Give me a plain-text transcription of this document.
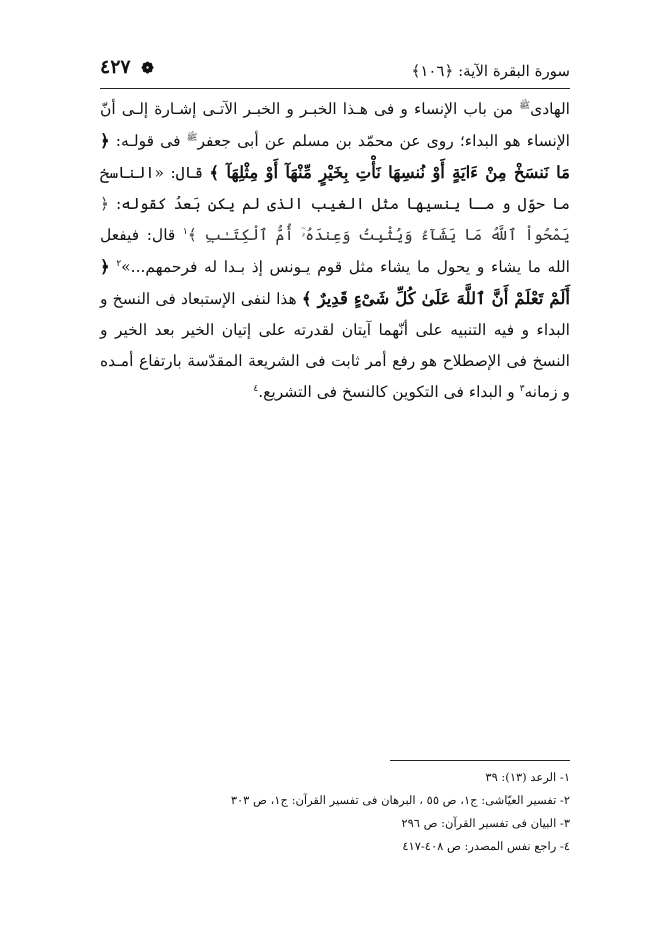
سورة البقرة الآية: ﴿١٠٦﴾
❁ ٤٢٧
الهادی$^ﷺ$ من باب الإنساء و فی هـذا الخبـر و الخبـر الآتـی إشـارة إلـی أنّ الإنساء هو البداء؛ روی عن محمّد بن مسلم عن أبی جعفر$^ﷺ$ فی قولـه: ﴿ مَا نَنسَخْ مِنْ ءَايَةٍ أَوْ نُنسِهَا نَأْتِ بِخَيْرٍ مِّنْهَآ أَوْ مِثْلِهَآ ﴾ قال: «الناسخ ما حوّل و مـا ینسیها مثل الغیب الذی لم یکن بَعدُ کقوله: ﴿ يَمْحُواْ ٱللَّهُ مَا يَشَآءُ وَيُثْبِتُ وَعِندَهُۥٓ أُمُّ ٱلْكِتَـٰبِ ﴾$^١$ قال: فیفعل الله ما یشاء و یحول ما یشاء مثل قوم یـونس إذ بـدا له فرحمهم...»$^٢$ ﴿ أَلَمْ تَعْلَمْ أَنَّ ٱللَّهَ عَلَىٰ كُلِّ شَىْءٍ قَدِيرٌ ﴾ هذا لنفی الإستبعاد فی النسخ و البداء و فیه التنبیه علی أنّهما آیتان لقدرته علی إتیان الخیر بعد الخیر و النسخ فی الإصطلاح هو رفع أمر ثابت فی الشریعة المقدّسة بارتفاع أمـده و زمانه$^٣$ و البداء فی التکوین کالنسخ فی التشریع.$^٤$
١- الرعد (١٣): ٣٩
٢- تفسیر العیّاشی: ج١، ص ٥٥ ، البرهان فی تفسیر القرآن: ج١، ص ٣٠٣
٣- البیان فی تفسیر القرآن: ص ٢٩٦
٤- راجع نفس المصدر: ص ٤٠٨-٤١٧
